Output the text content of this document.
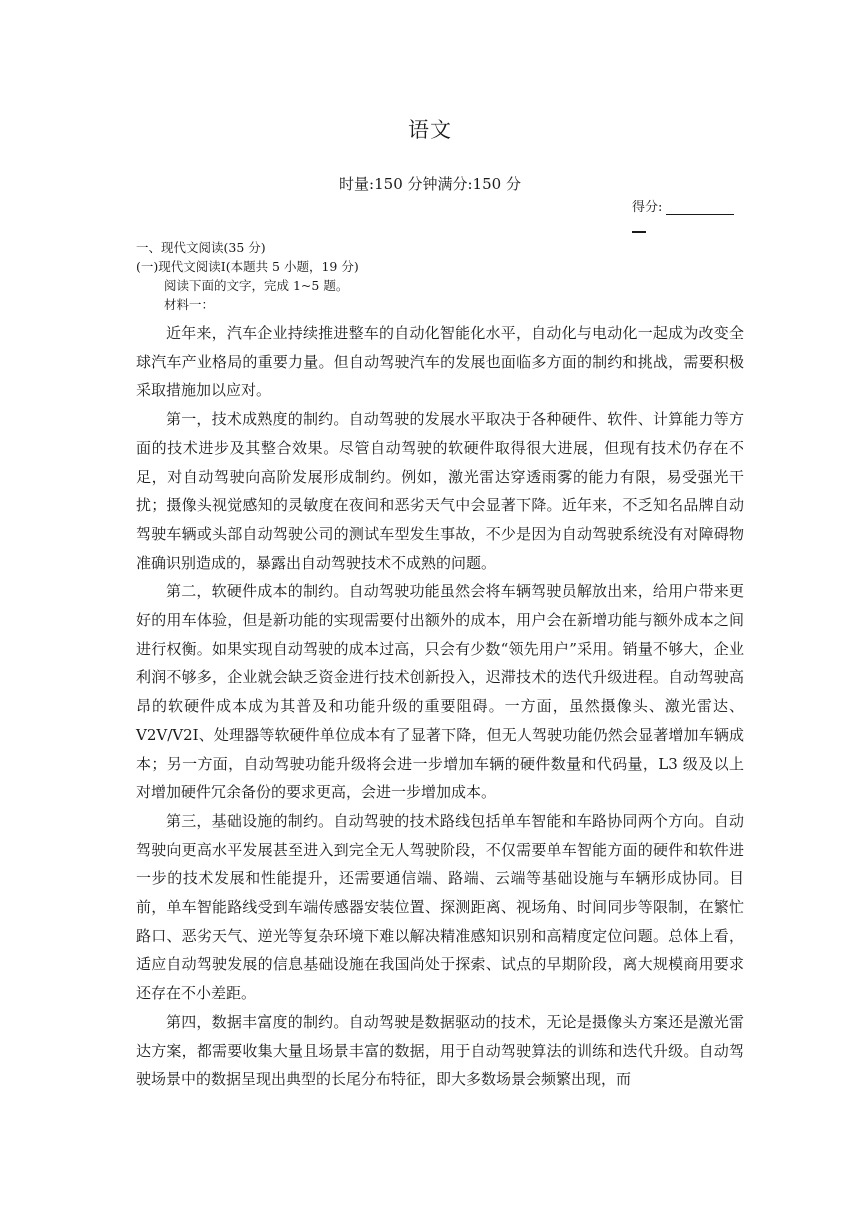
语文
时量:150 分钟满分:150 分
得分:
一、现代文阅读(35 分)
(一)现代文阅读Ⅰ(本题共 5 小题，19 分)
阅读下面的文字，完成 1~5 题。
材料一：

近年来，汽车企业持续推进整车的自动化智能化水平，自动化与电动化一起成为改变全球汽车产业格局的重要力量。但自动驾驶汽车的发展也面临多方面的制约和挑战，需要积极采取措施加以应对。

第一，技术成熟度的制约。自动驾驶的发展水平取决于各种硬件、软件、计算能力等方面的技术进步及其整合效果。尽管自动驾驶的软硬件取得很大进展，但现有技术仍存在不足，对自动驾驶向高阶发展形成制约。例如，激光雷达穿透雨雾的能力有限，易受强光干扰；摄像头视觉感知的灵敏度在夜间和恶劣天气中会显著下降。近年来，不乏知名品牌自动驾驶车辆或头部自动驾驶公司的测试车型发生事故，不少是因为自动驾驶系统没有对障碍物准确识别造成的，暴露出自动驾驶技术不成熟的问题。

第二，软硬件成本的制约。自动驾驶功能虽然会将车辆驾驶员解放出来，给用户带来更好的用车体验，但是新功能的实现需要付出额外的成本，用户会在新增功能与额外成本之间进行权衡。如果实现自动驾驶的成本过高，只会有少数“领先用户”采用。销量不够大，企业利润不够多，企业就会缺乏资金进行技术创新投入，迟滞技术的迭代升级进程。自动驾驶高昂的软硬件成本成为其普及和功能升级的重要阻碍。一方面，虽然摄像头、激光雷达、V2V/V2I、处理器等软硬件单位成本有了显著下降，但无人驾驶功能仍然会显著增加车辆成本；另一方面，自动驾驶功能升级将会进一步增加车辆的硬件数量和代码量，L3 级及以上对增加硬件冗余备份的要求更高，会进一步增加成本。

第三，基础设施的制约。自动驾驶的技术路线包括单车智能和车路协同两个方向。自动驾驶向更高水平发展甚至进入到完全无人驾驶阶段，不仅需要单车智能方面的硬件和软件进一步的技术发展和性能提升，还需要通信端、路端、云端等基础设施与车辆形成协同。目前，单车智能路线受到车端传感器安装位置、探测距离、视场角、时间同步等限制，在繁忙路口、恶劣天气、逆光等复杂环境下难以解决精准感知识别和高精度定位问题。总体上看，适应自动驾驶发展的信息基础设施在我国尚处于探索、试点的早期阶段，离大规模商用要求还存在不小差距。

第四，数据丰富度的制约。自动驾驶是数据驱动的技术，无论是摄像头方案还是激光雷达方案，都需要收集大量且场景丰富的数据，用于自动驾驶算法的训练和迭代升级。自动驾驶场景中的数据呈现出典型的长尾分布特征，即大多数场景会频繁出现，而
